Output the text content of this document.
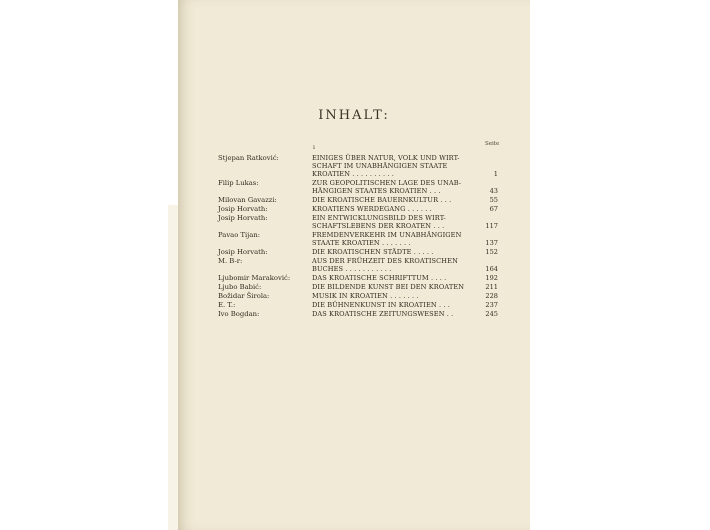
INHALT:
ı	Seite
Stjepan Ratković:	EINIGES ÜBER NATUR, VOLK UND WIRT-
SCHAFT IM UNABHÄNGIGEN STAATE
KROATIEN . . . . . . . . . .	1
Filip Lukas:	ZUR GEOPOLITISCHEN LAGE DES UNAB-
HÄNGIGEN STAATES KROATIEN . . .	43
Milovan Gavazzi:	DIE KROATISCHE BAUERNKULTUR . . .	55
Josip Horvath:	KROATIENS WERDEGANG . . . . . .	67
Josip Horvath:	EIN ENTWICKLUNGSBILD DES WIRT-
SCHAFTSLEBENS DER KROATEN . . .	117
Pavao Tijan:	FREMDENVERKEHR IM UNABHÄNGIGEN
STAATE KROATIEN . . . . . . .	137
Josip Horvath:	DIE KROATISCHEN STÄDTE . . . . .	152
M. B-r:	AUS DER FRÜHZEIT DES KROATISCHEN
BUCHES . . . . . . . . . . .	164
Ljubomir Maraković:	DAS KROATISCHE SCHRIFTTUM . . . .	192
Ljubo Babić:	DIE BILDENDE KUNST BEI DEN KROATEN	211
Božidar Širola:	MUSIK IN KROATIEN . . . . . . .	228
E. T.:	DIE BÜHNENKUNST IN KROATIEN . . .	237
Ivo Bogdan:	DAS KROATISCHE ZEITUNGSWESEN . .	245
